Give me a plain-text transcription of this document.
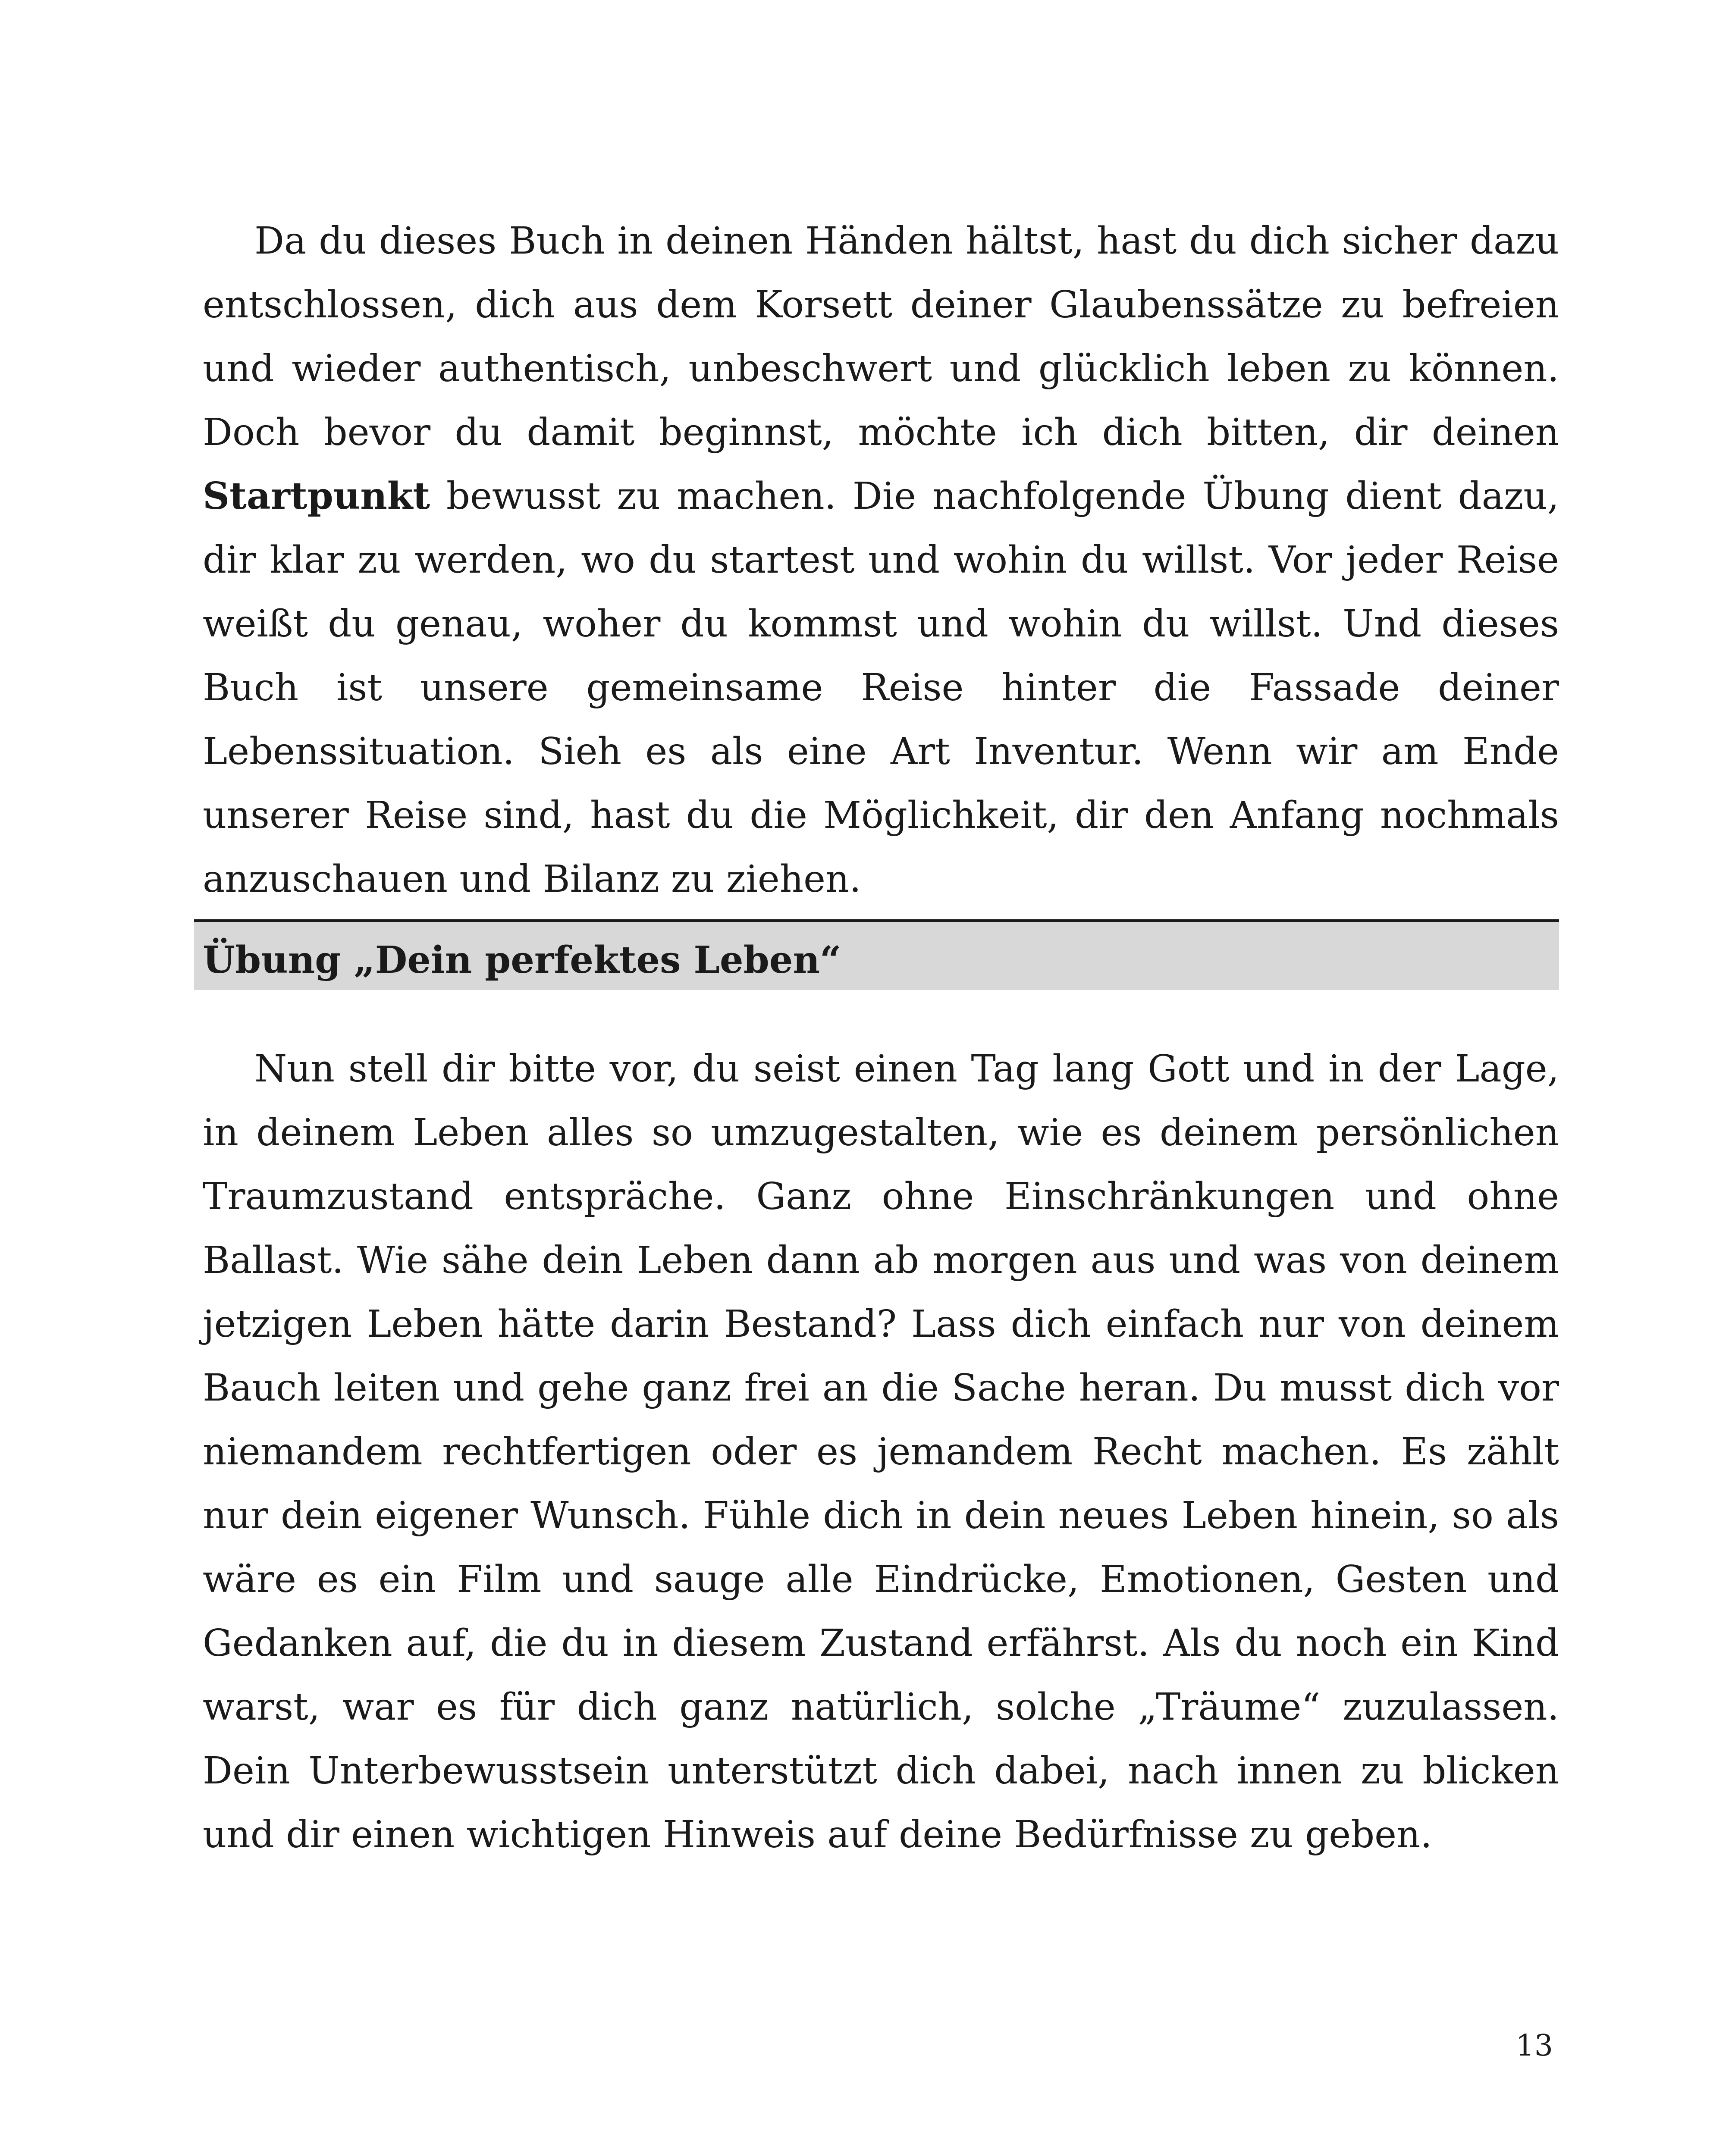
Da du dieses Buch in deinen Händen hältst, hast du dich sicher dazu entschlossen, dich aus dem Korsett deiner Glaubenssätze zu befreien und wieder authentisch, unbeschwert und glücklich leben zu können. Doch bevor du damit beginnst, möchte ich dich bitten, dir deinen Startpunkt bewusst zu machen. Die nachfolgende Übung dient dazu, dir klar zu werden, wo du startest und wohin du willst. Vor jeder Reise weißt du genau, woher du kommst und wohin du willst. Und dieses Buch ist unsere gemeinsame Reise hinter die Fassade deiner Lebenssituation. Sieh es als eine Art Inventur. Wenn wir am Ende unserer Reise sind, hast du die Möglichkeit, dir den Anfang nochmals anzuschauen und Bilanz zu ziehen.

Übung „Dein perfektes Leben“

Nun stell dir bitte vor, du seist einen Tag lang Gott und in der Lage, in deinem Leben alles so umzugestalten, wie es deinem persönlichen Traumzustand entspräche. Ganz ohne Einschränkungen und ohne Ballast. Wie sähe dein Leben dann ab morgen aus und was von deinem jetzigen Leben hätte darin Bestand? Lass dich einfach nur von deinem Bauch leiten und gehe ganz frei an die Sache heran. Du musst dich vor niemandem rechtfertigen oder es jemandem Recht machen. Es zählt nur dein eigener Wunsch. Fühle dich in dein neues Leben hinein, so als wäre es ein Film und sauge alle Eindrücke, Emotionen, Gesten und Gedanken auf, die du in diesem Zustand erfährst. Als du noch ein Kind warst, war es für dich ganz natürlich, solche „Träume“ zuzulassen. Dein Unterbewusstsein unterstützt dich dabei, nach innen zu blicken und dir einen wichtigen Hinweis auf deine Bedürfnisse zu geben.

13
